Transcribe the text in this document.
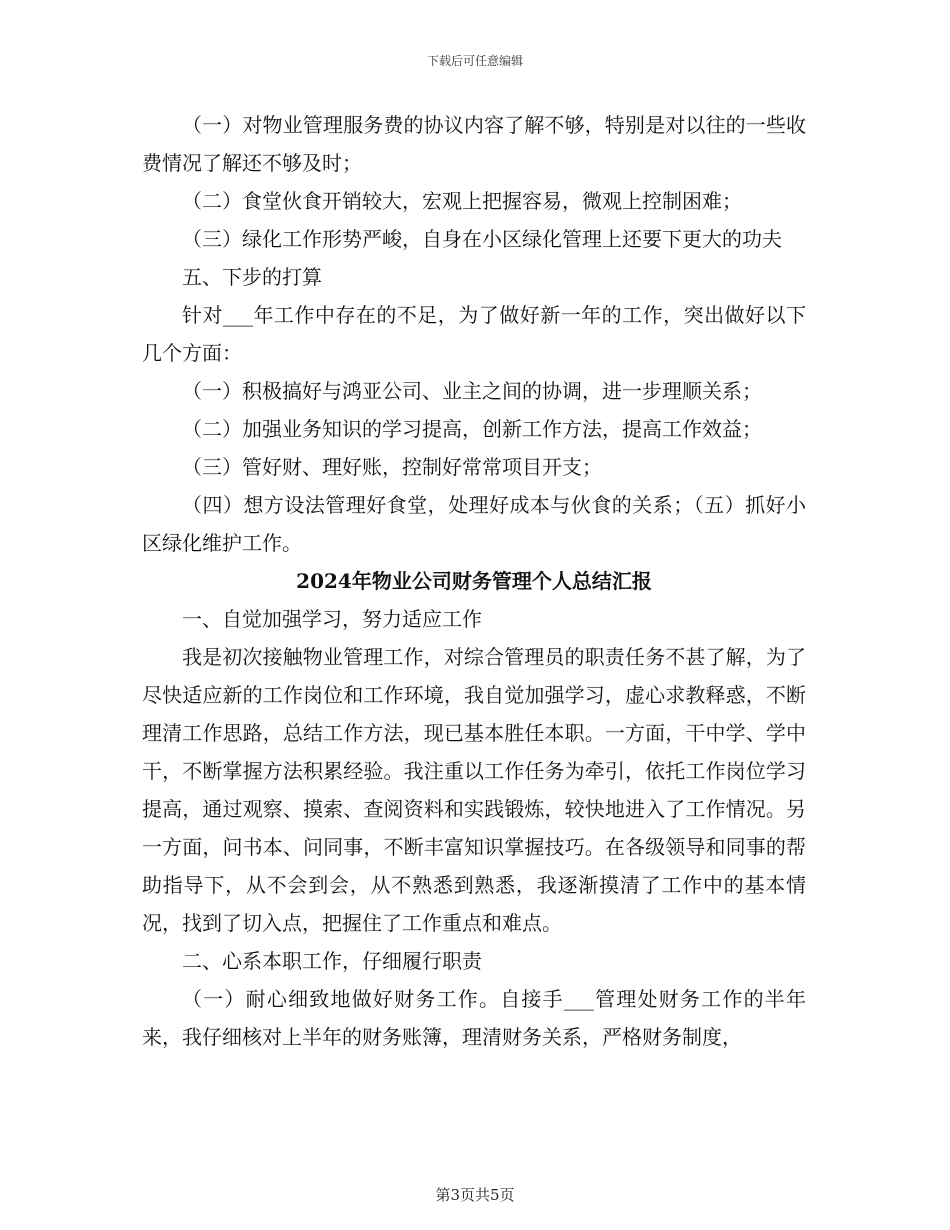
下载后可任意编辑

（一）对物业管理服务费的协议内容了解不够，特别是对以往的一些收费情况了解还不够及时；

（二）食堂伙食开销较大，宏观上把握容易，微观上控制困难；

（三）绿化工作形势严峻，自身在小区绿化管理上还要下更大的功夫

五、下步的打算

针对___年工作中存在的不足，为了做好新一年的工作，突出做好以下几个方面：

（一）积极搞好与鸿亚公司、业主之间的协调，进一步理顺关系；

（二）加强业务知识的学习提高，创新工作方法，提高工作效益；

（三）管好财、理好账，控制好常常项目开支；

（四）想方设法管理好食堂，处理好成本与伙食的关系；（五）抓好小区绿化维护工作。

2024年物业公司财务管理个人总结汇报

一、自觉加强学习，努力适应工作

我是初次接触物业管理工作，对综合管理员的职责任务不甚了解，为了尽快适应新的工作岗位和工作环境，我自觉加强学习，虚心求教释惑，不断理清工作思路，总结工作方法，现已基本胜任本职。一方面，干中学、学中干，不断掌握方法积累经验。我注重以工作任务为牵引，依托工作岗位学习提高，通过观察、摸索、查阅资料和实践锻炼，较快地进入了工作情况。另一方面，问书本、问同事，不断丰富知识掌握技巧。在各级领导和同事的帮助指导下，从不会到会，从不熟悉到熟悉，我逐渐摸清了工作中的基本情况，找到了切入点，把握住了工作重点和难点。

二、心系本职工作，仔细履行职责

（一）耐心细致地做好财务工作。自接手___管理处财务工作的半年来，我仔细核对上半年的财务账簿，理清财务关系，严格财务制度，

第3页共5页
